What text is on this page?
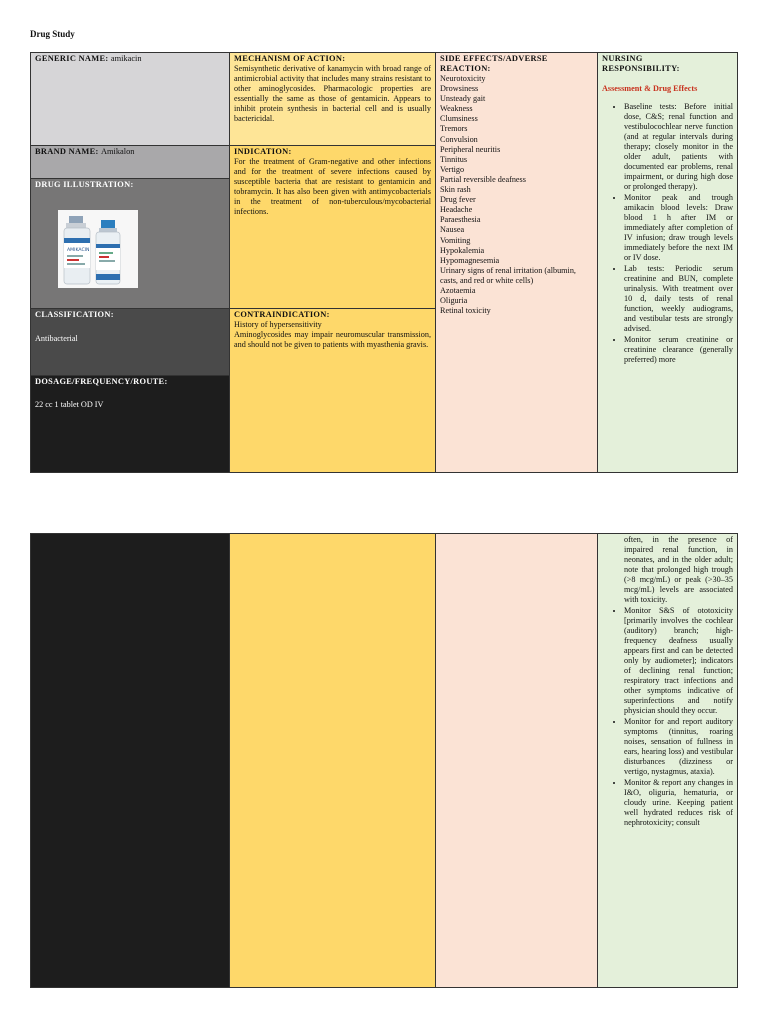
Drug Study
GENERIC NAME: amikacin
BRAND NAME: Amikalon
DRUG ILLUSTRATION:
AMIKACIN
CLASSIFICATION:
Antibacterial
DOSAGE/FREQUENCY/ROUTE:
22 cc 1 tablet OD IV
MECHANISM OF ACTION:
Semisynthetic derivative of kanamycin with broad range of antimicrobial activity that includes many strains resistant to other aminoglycosides. Pharmacologic properties are essentially the same as those of gentamicin. Appears to inhibit protein synthesis in bacterial cell and is usually bactericidal.
INDICATION:
For the treatment of Gram-negative and other infections and for the treatment of severe infections caused by susceptible bacteria that are resistant to gentamicin and tobramycin. It has also been given with antimycobacterials in the treatment of non-tuberculous/mycobacterial infections.
CONTRAINDICATION:
History of hypersensitivity
Aminoglycosides may impair neuromuscular transmission, and should not be given to patients with myasthenia gravis.
SIDE EFFECTS/ADVERSE
REACTION:
Neurotoxicity
Drowsiness
Unsteady gait
Weakness
Clumsiness
Tremors
Convulsion
Peripheral neuritis
Tinnitus
Vertigo
Partial reversible deafness
Skin rash
Drug fever
Headache
Paraesthesia
Nausea
Vomiting
Hypokalemia
Hypomagnesemia
Urinary signs of renal irritation (albumin, casts, and red or white cells)
Azotaemia
Oliguria
Retinal toxicity
NURSING
RESPONSIBILITY:
Assessment & Drug Effects
• Baseline tests: Before initial dose, C&S; renal function and vestibulocochlear nerve function (and at regular intervals during therapy; closely monitor in the older adult, patients with documented ear problems, renal impairment, or during high dose or prolonged therapy).
• Monitor peak and trough amikacin blood levels: Draw blood 1 h after IM or immediately after completion of IV infusion; draw trough levels immediately before the next IM or IV dose.
• Lab tests: Periodic serum creatinine and BUN, complete urinalysis. With treatment over 10 d, daily tests of renal function, weekly audiograms, and vestibular tests are strongly advised.
• Monitor serum creatinine or creatinine clearance (generally preferred) more
often, in the presence of impaired renal function, in neonates, and in the older adult; note that prolonged high trough (>8 mcg/mL) or peak (>30–35 mcg/mL) levels are associated with toxicity.
• Monitor S&S of ototoxicity [primarily involves the cochlear (auditory) branch; high-frequency deafness usually appears first and can be detected only by audiometer]; indicators of declining renal function; respiratory tract infections and other symptoms indicative of superinfections and notify physician should they occur.
• Monitor for and report auditory symptoms (tinnitus, roaring noises, sensation of fullness in ears, hearing loss) and vestibular disturbances (dizziness or vertigo, nystagmus, ataxia).
• Monitor & report any changes in I&O, oliguria, hematuria, or cloudy urine. Keeping patient well hydrated reduces risk of nephrotoxicity; consult
